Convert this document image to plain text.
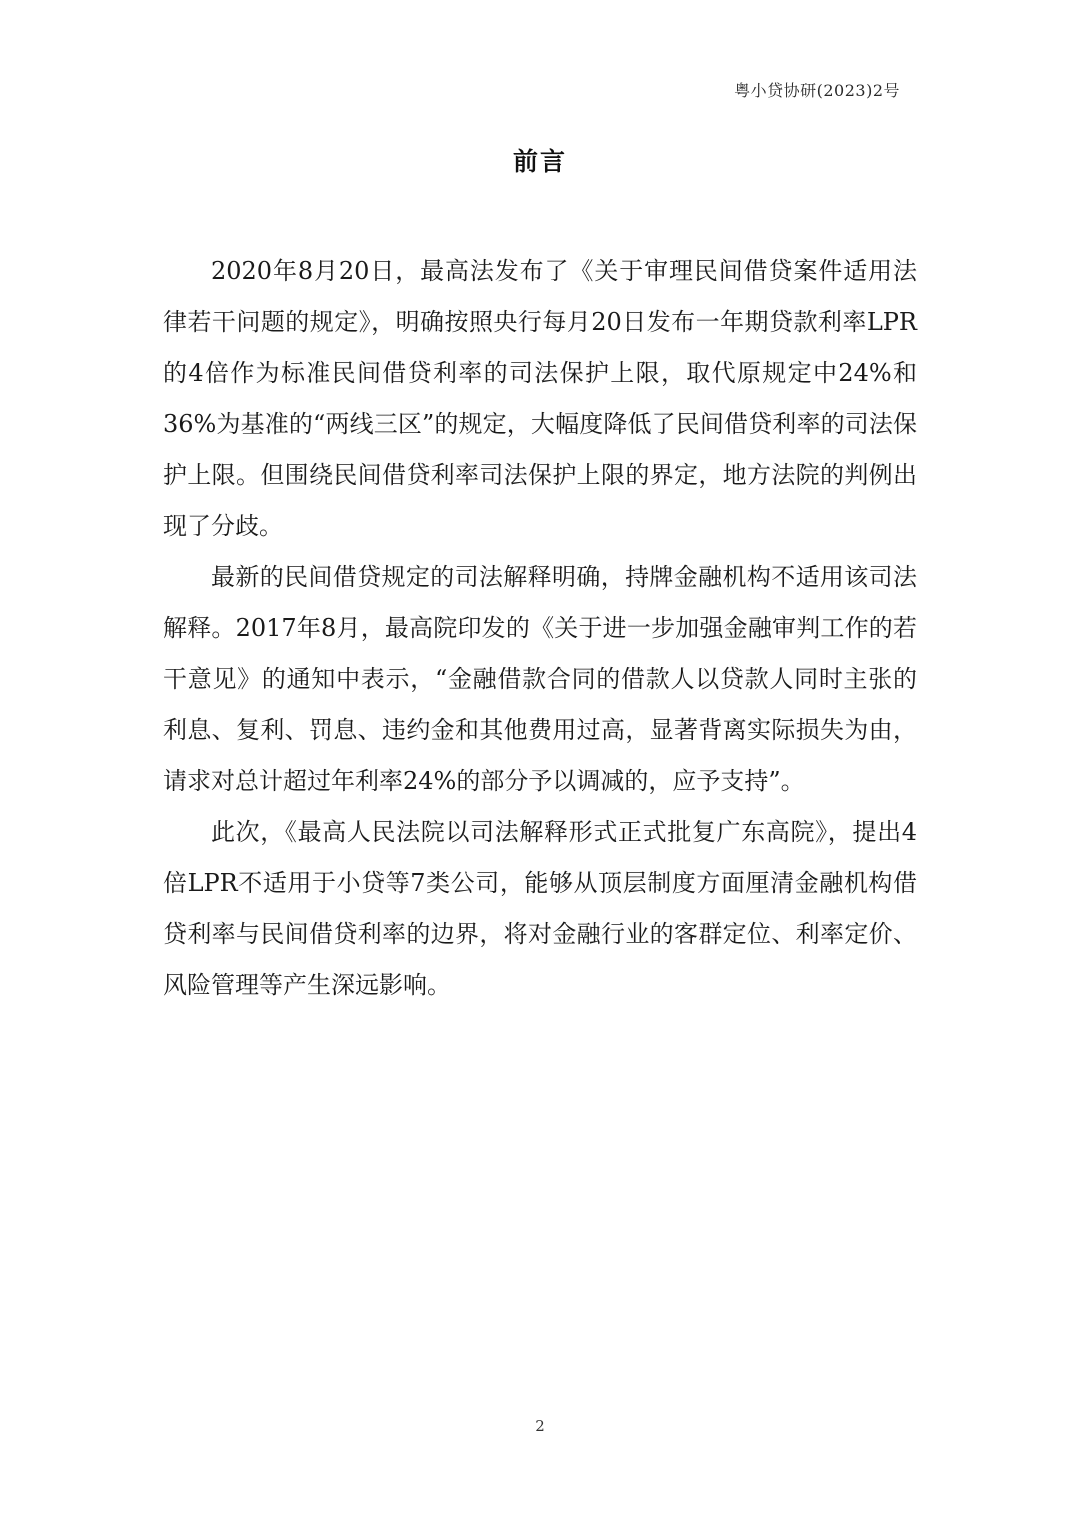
粤小贷协研(2023)2号
前言

2020年8月20日，最高法发布了《关于审理民间借贷案件适用法律若干问题的规定》，明确按照央行每月20日发布一年期贷款利率LPR的4倍作为标准民间借贷利率的司法保护上限，取代原规定中24%和36%为基准的“两线三区”的规定，大幅度降低了民间借贷利率的司法保护上限。但围绕民间借贷利率司法保护上限的界定，地方法院的判例出现了分歧。

最新的民间借贷规定的司法解释明确，持牌金融机构不适用该司法解释。2017年8月，最高院印发的《关于进一步加强金融审判工作的若干意见》的通知中表示，“金融借款合同的借款人以贷款人同时主张的利息、复利、罚息、违约金和其他费用过高，显著背离实际损失为由，请求对总计超过年利率24%的部分予以调减的，应予支持”。

此次，《最高人民法院以司法解释形式正式批复广东高院》，提出4倍LPR不适用于小贷等7类公司，能够从顶层制度方面厘清金融机构借贷利率与民间借贷利率的边界，将对金融行业的客群定位、利率定价、风险管理等产生深远影响。

2
